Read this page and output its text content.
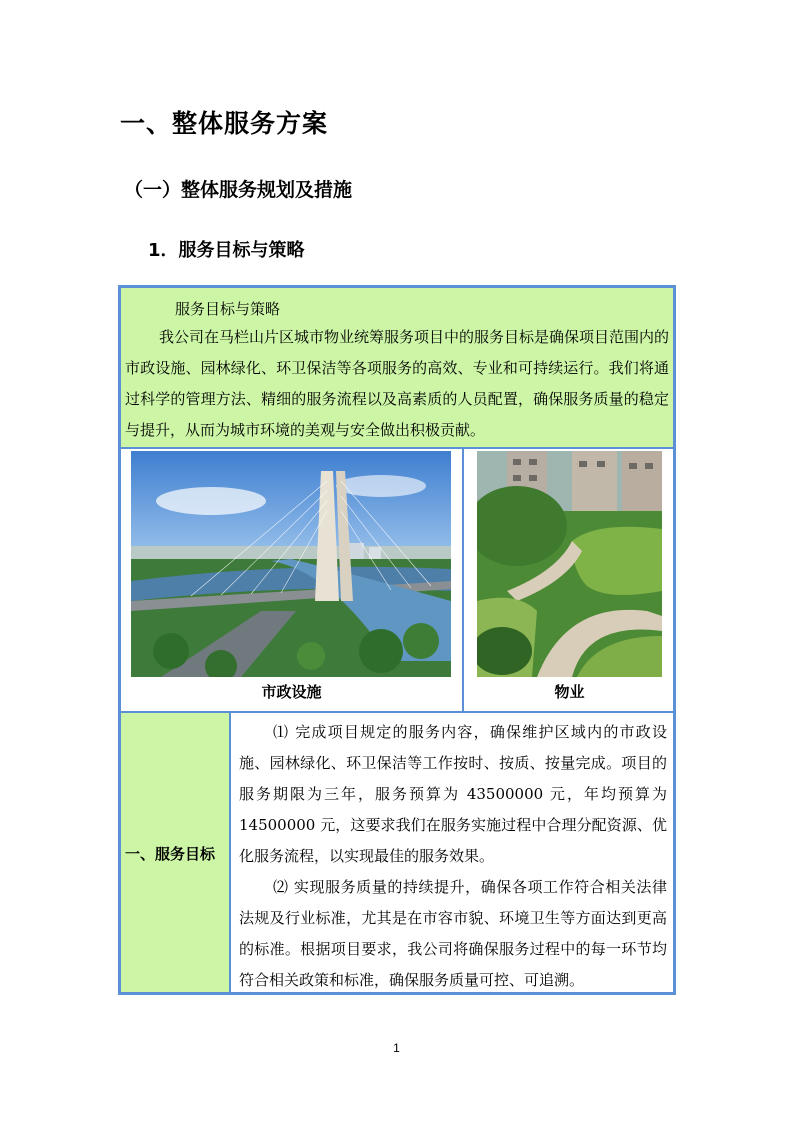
一、整体服务方案
（一）整体服务规划及措施
1．服务目标与策略
服务目标与策略
我公司在马栏山片区城市物业统筹服务项目中的服务目标是确保项目范围内的市政设施、园林绿化、环卫保洁等各项服务的高效、专业和可持续运行。我们将通过科学的管理方法、精细的服务流程以及高素质的人员配置，确保服务质量的稳定与提升，从而为城市环境的美观与安全做出积极贡献。
市政设施	物业
一、服务目标

⑴ 完成项目规定的服务内容，确保维护区域内的市政设施、园林绿化、环卫保洁等工作按时、按质、按量完成。项目的服务期限为三年，服务预算为 43500000 元，年均预算为 14500000 元，这要求我们在服务实施过程中合理分配资源、优化服务流程，以实现最佳的服务效果。

⑵ 实现服务质量的持续提升，确保各项工作符合相关法律法规及行业标准，尤其是在市容市貌、环境卫生等方面达到更高的标准。根据项目要求，我公司将确保服务过程中的每一环节均符合相关政策和标准，确保服务质量可控、可追溯。

1
